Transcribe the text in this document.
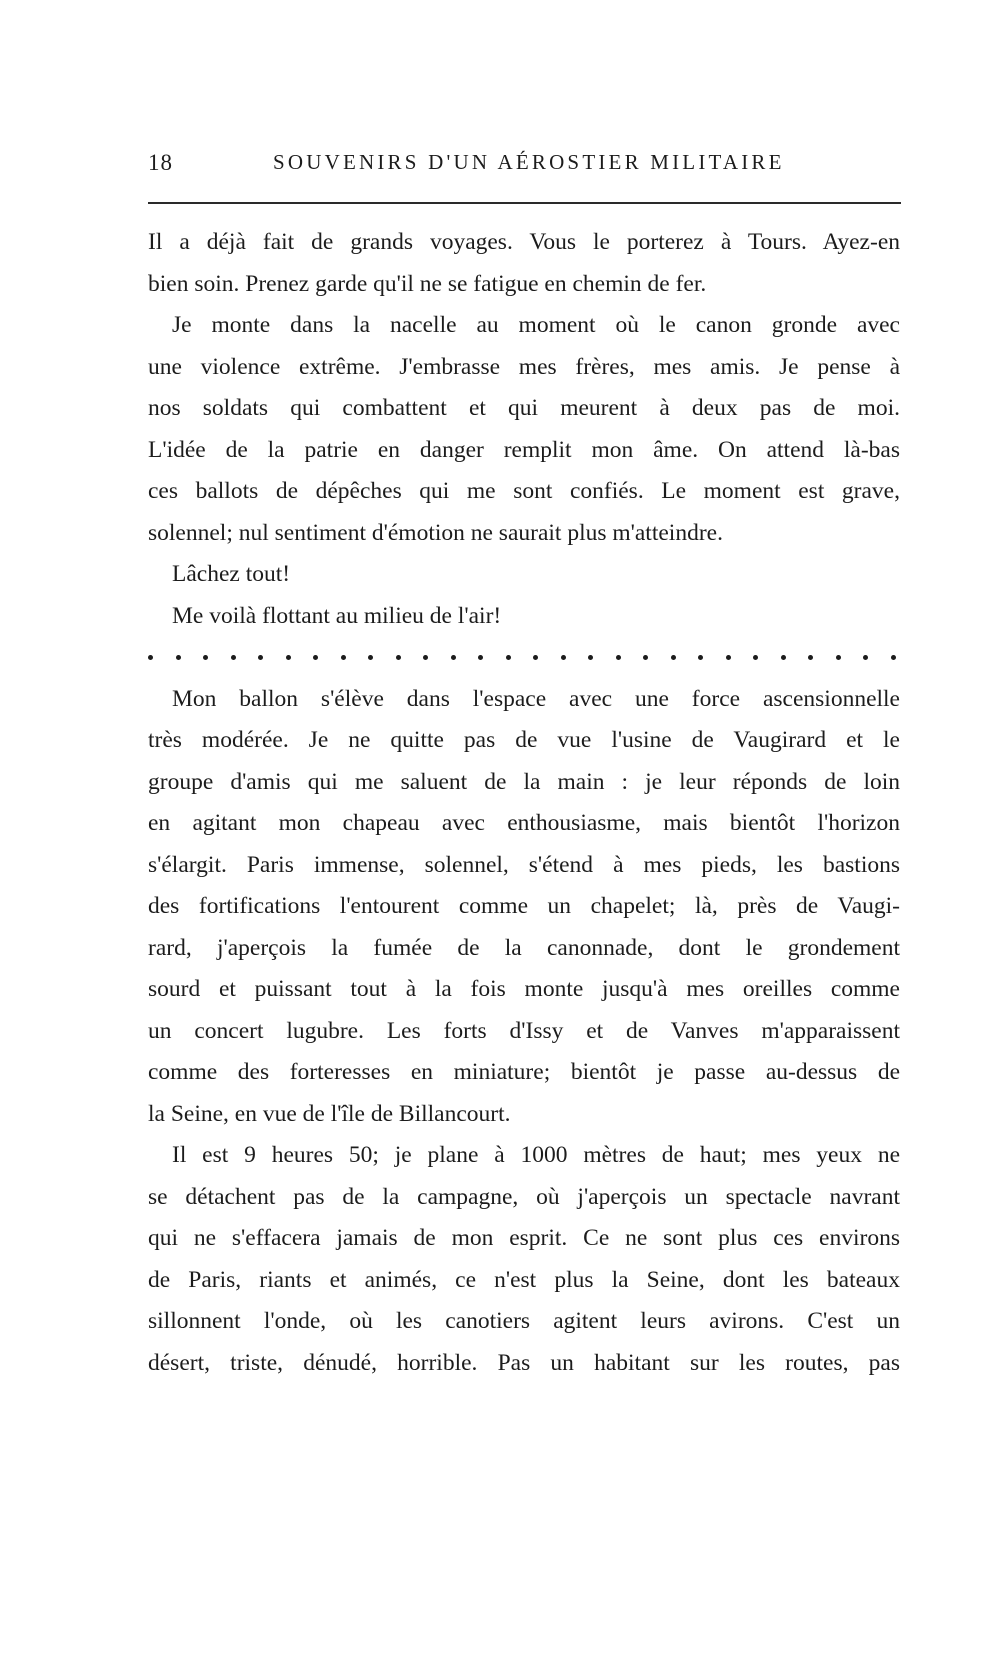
18	SOUVENIRS D'UN AÉROSTIER MILITAIRE
Il a déjà fait de grands voyages. Vous le porterez à Tours. Ayez-en
bien soin. Prenez garde qu'il ne se fatigue en chemin de fer.
Je monte dans la nacelle au moment où le canon gronde avec
une violence extrême. J'embrasse mes frères, mes amis. Je pense à
nos soldats qui combattent et qui meurent à deux pas de moi.
L'idée de la patrie en danger remplit mon âme. On attend là-bas
ces ballots de dépêches qui me sont confiés. Le moment est grave,
solennel; nul sentiment d'émotion ne saurait plus m'atteindre.
Lâchez tout!
Me voilà flottant au milieu de l'air!
Mon ballon s'élève dans l'espace avec une force ascensionnelle
très modérée. Je ne quitte pas de vue l'usine de Vaugirard et le
groupe d'amis qui me saluent de la main : je leur réponds de loin
en agitant mon chapeau avec enthousiasme, mais bientôt l'horizon
s'élargit. Paris immense, solennel, s'étend à mes pieds, les bastions
des fortifications l'entourent comme un chapelet; là, près de Vaugi-
rard, j'aperçois la fumée de la canonnade, dont le grondement
sourd et puissant tout à la fois monte jusqu'à mes oreilles comme
un concert lugubre. Les forts d'Issy et de Vanves m'apparaissent
comme des forteresses en miniature; bientôt je passe au-dessus de
la Seine, en vue de l'île de Billancourt.
Il est 9 heures 50; je plane à 1000 mètres de haut; mes yeux ne
se détachent pas de la campagne, où j'aperçois un spectacle navrant
qui ne s'effacera jamais de mon esprit. Ce ne sont plus ces environs
de Paris, riants et animés, ce n'est plus la Seine, dont les bateaux
sillonnent l'onde, où les canotiers agitent leurs avirons. C'est un
désert, triste, dénudé, horrible. Pas un habitant sur les routes, pas
